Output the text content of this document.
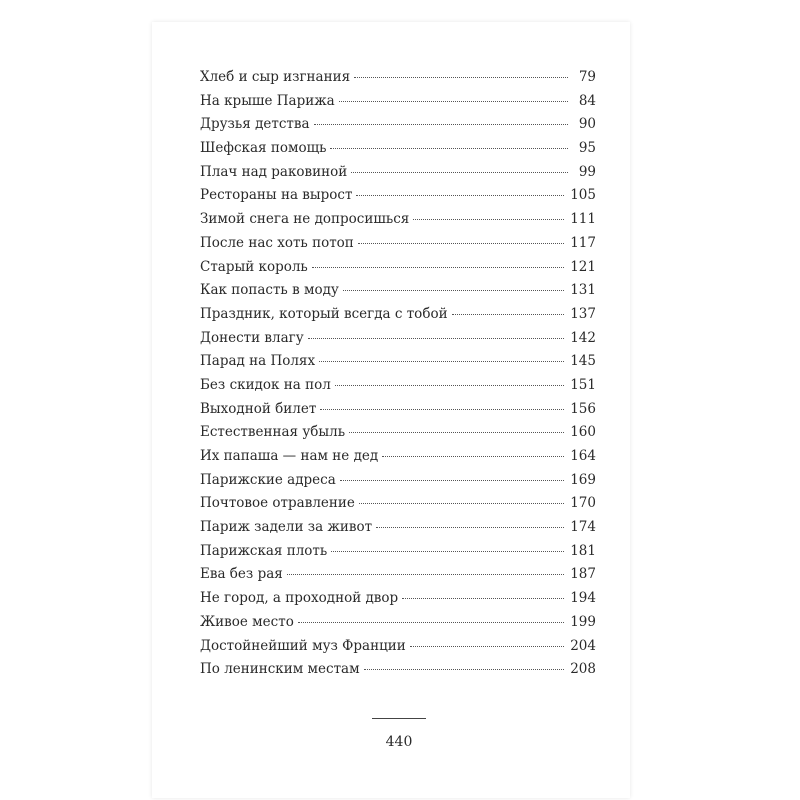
Хлеб и сыр изгнания	79
На крыше Парижа	84
Друзья детства	90
Шефская помощь	95
Плач над раковиной	99
Рестораны на вырост	105
Зимой снега не допросишься	111
После нас хоть потоп	117
Старый король	121
Как попасть в моду	131
Праздник, который всегда с тобой	137
Донести влагу	142
Парад на Полях	145
Без скидок на пол	151
Выходной билет	156
Естественная убыль	160
Их папаша — нам не дед	164
Парижские адреса	169
Почтовое отравление	170
Париж задели за живот	174
Парижская плоть	181
Ева без рая	187
Не город, а проходной двор	194
Живое место	199
Достойнейший муз Франции	204
По ленинским местам	208
440
